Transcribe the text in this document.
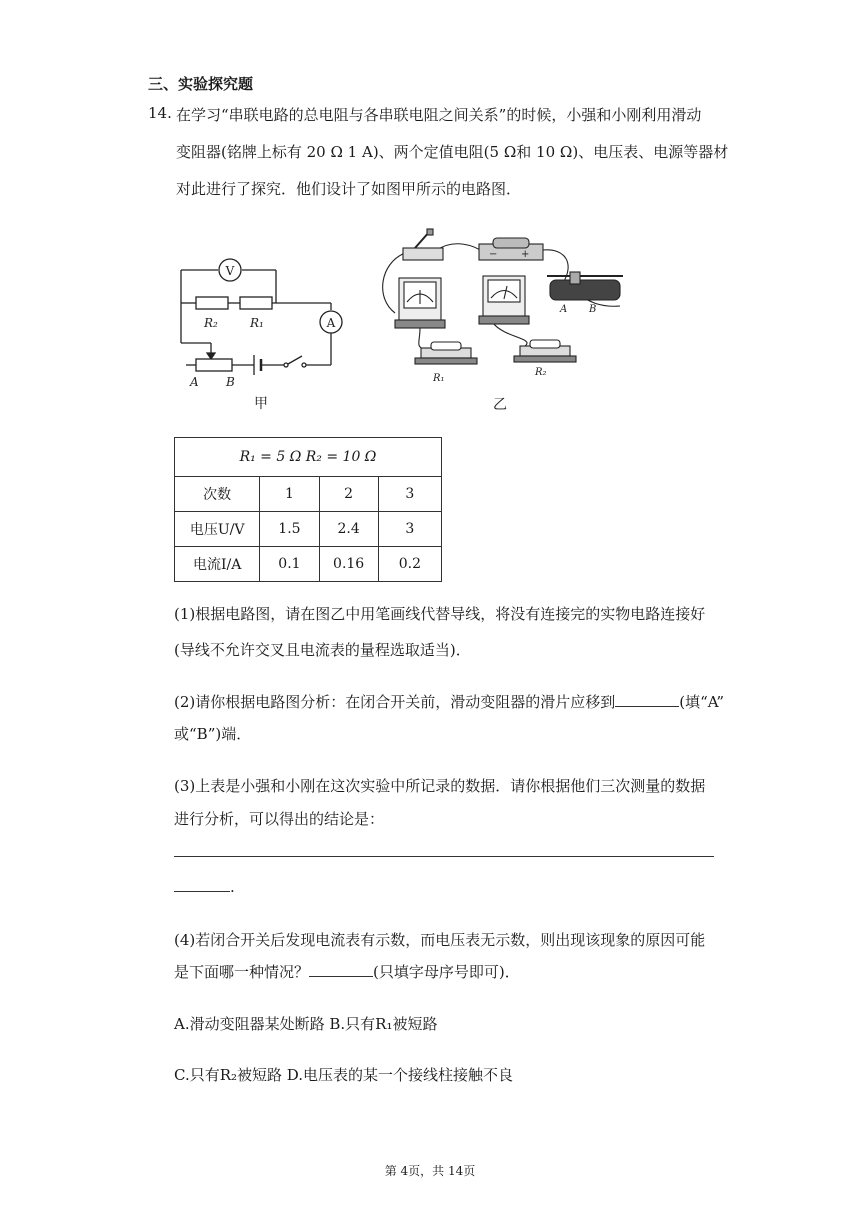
三、实验探究题
14. 在学习“串联电路的总电阻与各串联电阻之间关系”的时候，小强和小刚利用滑动
变阻器(铭牌上标有 20 Ω 1 A)、两个定值电阻(5 Ω和 10 Ω)、电压表、电源等器材
对此进行了探究．他们设计了如图甲所示的电路图．
V
A
R₂	R₁
A B
甲
− +
A B
R₁
R₂
乙
R₁ = 5 Ω R₂ = 10 Ω			
次数	1	2	3
电压U/V	1.5	2.4	3
电流I/A	0.1	0.16	0.2
(1)根据电路图，请在图乙中用笔画线代替导线，将没有连接完的实物电路连接好
(导线不允许交叉且电流表的量程选取适当)．
(2)请你根据电路图分析：在闭合开关前，滑动变阻器的滑片应移到	(填“A”
或“B”)端．
(3)上表是小强和小刚在这次实验中所记录的数据．请你根据他们三次测量的数据
进行分析，可以得出的结论是：
.
(4)若闭合开关后发现电流表有示数，而电压表无示数，则出现该现象的原因可能
是下面哪一种情况？	(只填字母序号即可)．
A.滑动变阻器某处断路 B.只有R₁被短路
C.只有R₂被短路 D.电压表的某一个接线柱接触不良
第 4页，共 14页
